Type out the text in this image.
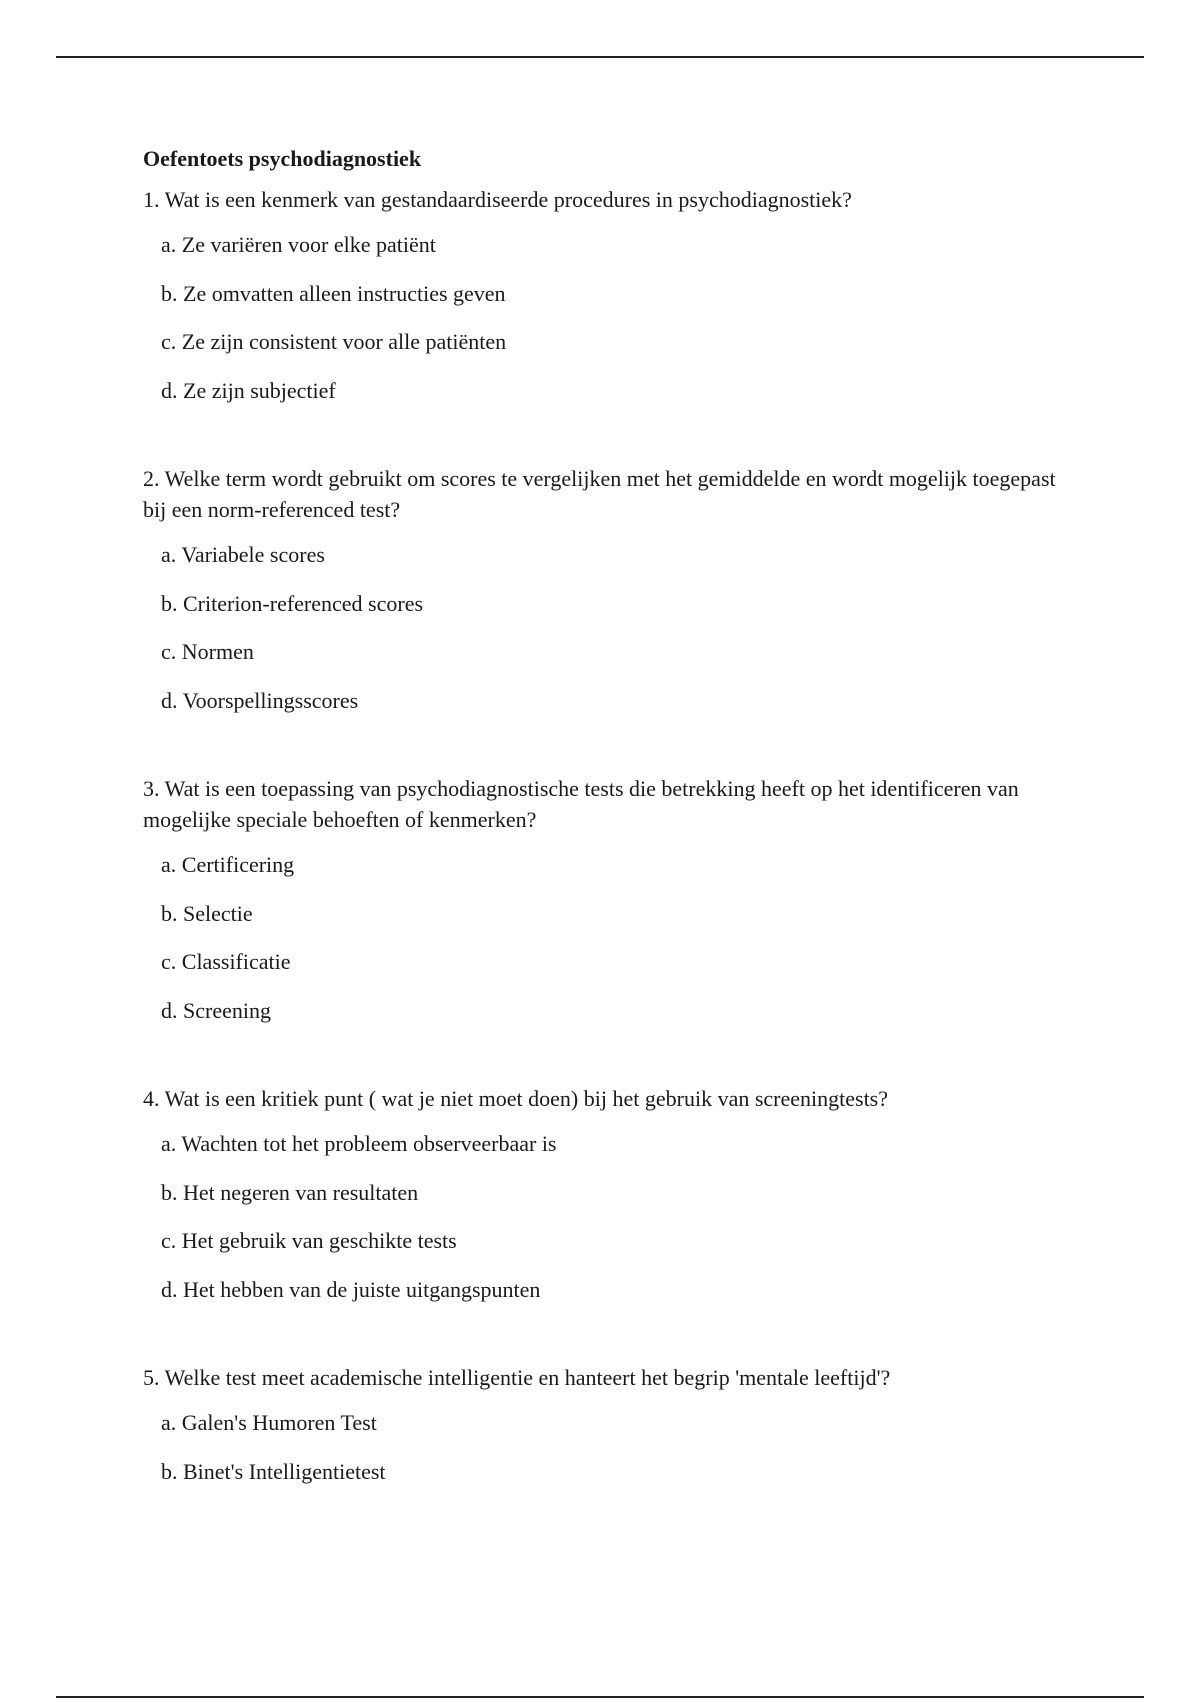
Oefentoets psychodiagnostiek
1. Wat is een kenmerk van gestandaardiseerde procedures in psychodiagnostiek?
a. Ze variëren voor elke patiënt
b. Ze omvatten alleen instructies geven
c. Ze zijn consistent voor alle patiënten
d. Ze zijn subjectief
2. Welke term wordt gebruikt om scores te vergelijken met het gemiddelde en wordt mogelijk toegepast bij een norm-referenced test?
a. Variabele scores
b. Criterion-referenced scores
c. Normen
d. Voorspellingsscores
3. Wat is een toepassing van psychodiagnostische tests die betrekking heeft op het identificeren van mogelijke speciale behoeften of kenmerken?
a. Certificering
b. Selectie
c. Classificatie
d. Screening
4. Wat is een kritiek punt ( wat je niet moet doen) bij het gebruik van screeningtests?
a. Wachten tot het probleem observeerbaar is
b. Het negeren van resultaten
c. Het gebruik van geschikte tests
d. Het hebben van de juiste uitgangspunten
5. Welke test meet academische intelligentie en hanteert het begrip 'mentale leeftijd'?
a. Galen's Humoren Test
b. Binet's Intelligentietest
